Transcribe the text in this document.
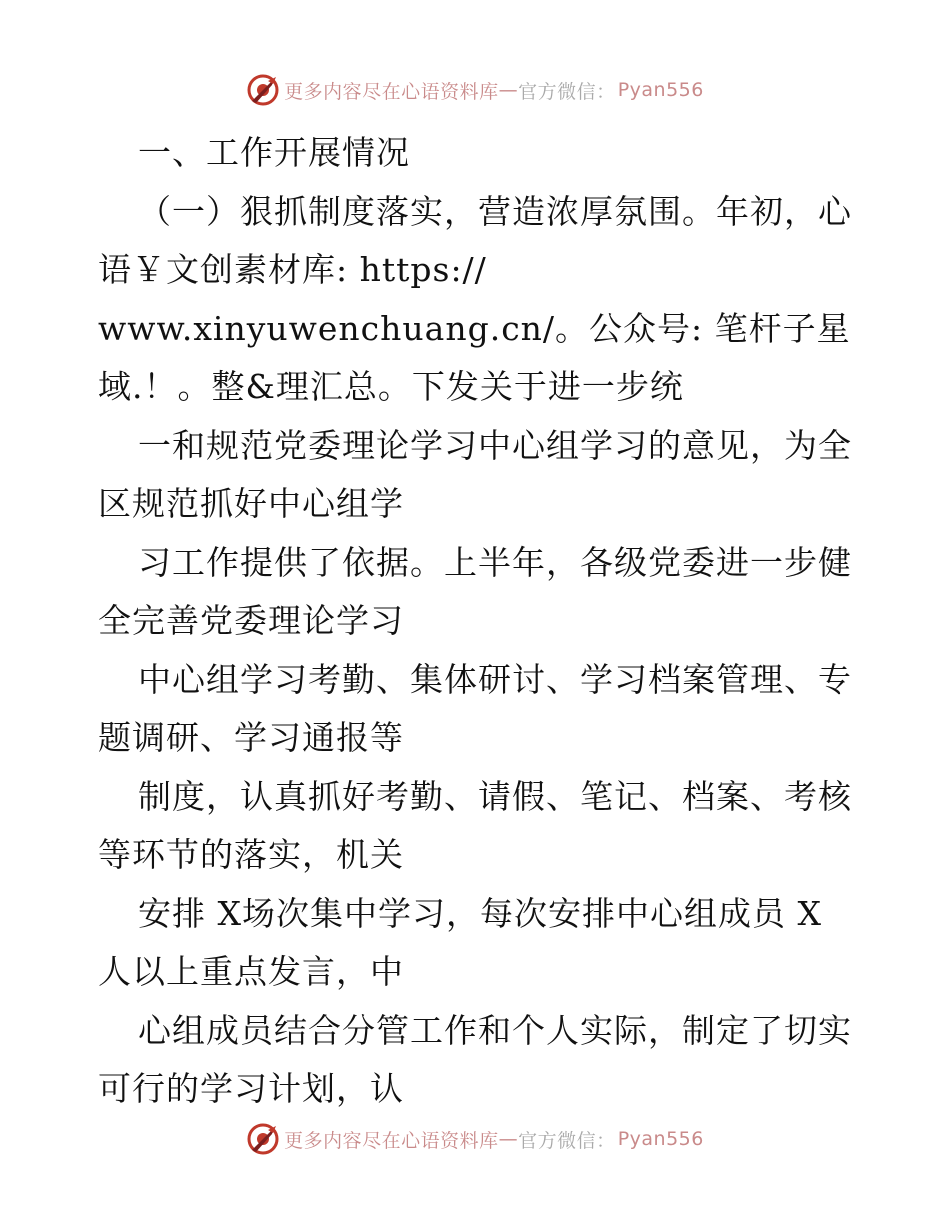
更多内容尽在心语资料库 — 官方微信： Pyan556
一、工作开展情况
（一）狠抓制度落实，营造浓厚氛围。年初，心
语￥文创素材库: https://
www.xinyuwenchuang.cn/。公众号: 笔杆子星
域.！。整&理汇总。下发关于进一步统
一和规范党委理论学习中心组学习的意见，为全
区规范抓好中心组学
习工作提供了依据。上半年，各级党委进一步健
全完善党委理论学习
中心组学习考勤、集体研讨、学习档案管理、专
题调研、学习通报等
制度，认真抓好考勤、请假、笔记、档案、考核
等环节的落实，机关
安排 X场次集中学习，每次安排中心组成员 X
人以上重点发言，中
心组成员结合分管工作和个人实际，制定了切实
可行的学习计划，认
更多内容尽在心语资料库 — 官方微信： Pyan556
